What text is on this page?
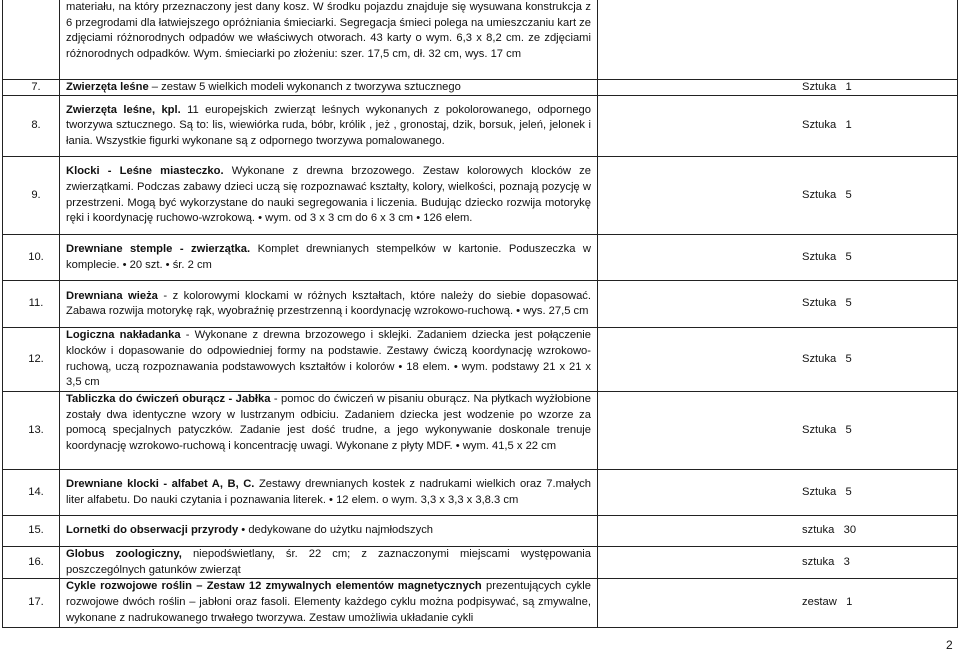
	materiału, na który przeznaczony jest dany kosz. W środku pojazdu znajduje się wysuwana konstrukcja z 6 przegrodami dla łatwiejszego opróżniania śmieciarki. Segregacja śmieci polega na umieszczaniu kart ze zdjęciami różnorodnych odpadów we właściwych otworach. 43 karty o wym. 6,3 x 8,2 cm. ze zdjęciami różnorodnych odpadków. Wym. śmieciarki po złożeniu: szer. 17,5 cm, dł. 32 cm, wys. 17 cm	
7.	Zwierzęta leśne – zestaw 5 wielkich modeli wykonanch z tworzywa sztucznego	Sztuka   1
8.	Zwierzęta leśne, kpl. 11 europejskich zwierząt leśnych wykonanych z pokolorowanego, odpornego tworzywa sztucznego. Są to: lis, wiewiórka ruda, bóbr, królik , jeż , gronostaj, dzik, borsuk, jeleń, jelonek i łania. Wszystkie figurki wykonane są z odpornego tworzywa pomalowanego.	Sztuka   1
9.	Klocki - Leśne miasteczko. Wykonane z drewna brzozowego. Zestaw kolorowych klocków ze zwierzątkami. Podczas zabawy dzieci uczą się rozpoznawać kształty, kolory, wielkości, poznają pozycję w przestrzeni. Mogą być wykorzystane do nauki segregowania i liczenia. Budując dziecko rozwija motorykę ręki i koordynację ruchowo-wzrokową. • wym. od 3 x 3 cm do 6 x 3 cm • 126 elem.	Sztuka   5
10.	Drewniane stemple - zwierzątka. Komplet drewnianych stempelków w kartonie. Poduszeczka w komplecie. • 20 szt. • śr. 2 cm	Sztuka   5
11.	Drewniana wieża - z kolorowymi klockami w różnych kształtach, które należy do siebie dopasować. Zabawa rozwija motorykę rąk, wyobraźnię przestrzenną i koordynację wzrokowo-ruchową. • wys. 27,5 cm	Sztuka   5
12.	Logiczna nakładanka - Wykonane z drewna brzozowego i sklejki. Zadaniem dziecka jest połączenie klocków i dopasowanie do odpowiedniej formy na podstawie. Zestawy ćwiczą koordynację wzrokowo-ruchową, uczą rozpoznawania podstawowych kształtów i kolorów • 18 elem. • wym. podstawy 21 x 21 x 3,5 cm	Sztuka   5
13.	Tabliczka do ćwiczeń oburącz - Jabłka - pomoc do ćwiczeń w pisaniu oburącz. Na płytkach wyżłobione zostały dwa identyczne wzory w lustrzanym odbiciu. Zadaniem dziecka jest wodzenie po wzorze za pomocą specjalnych patyczków. Zadanie jest dość trudne, a jego wykonywanie doskonale trenuje koordynację wzrokowo-ruchową i koncentrację uwagi. Wykonane z płyty MDF. • wym. 41,5 x 22 cm	Sztuka   5
14.	Drewniane klocki - alfabet A, B, C. Zestawy drewnianych kostek z nadrukami wielkich oraz 7.małych liter alfabetu. Do nauki czytania i poznawania literek. • 12 elem. o wym. 3,3 x 3,3 x 3,8.3 cm	Sztuka   5
15.	Lornetki do obserwacji przyrody • dedykowane do użytku najmłodszych	sztuka   30
16.	Globus zoologiczny, niepodświetlany, śr. 22 cm; z zaznaczonymi miejscami występowania poszczególnych gatunków zwierząt	sztuka   3
17.	Cykle rozwojowe roślin – Zestaw 12 zmywalnych elementów magnetycznych prezentujących cykle rozwojowe dwóch roślin – jabłoni oraz fasoli. Elementy każdego cyklu można podpisywać, są zmywalne, wykonane z nadrukowanego trwałego tworzywa. Zestaw umożliwia układanie cykli	zestaw   1
2
